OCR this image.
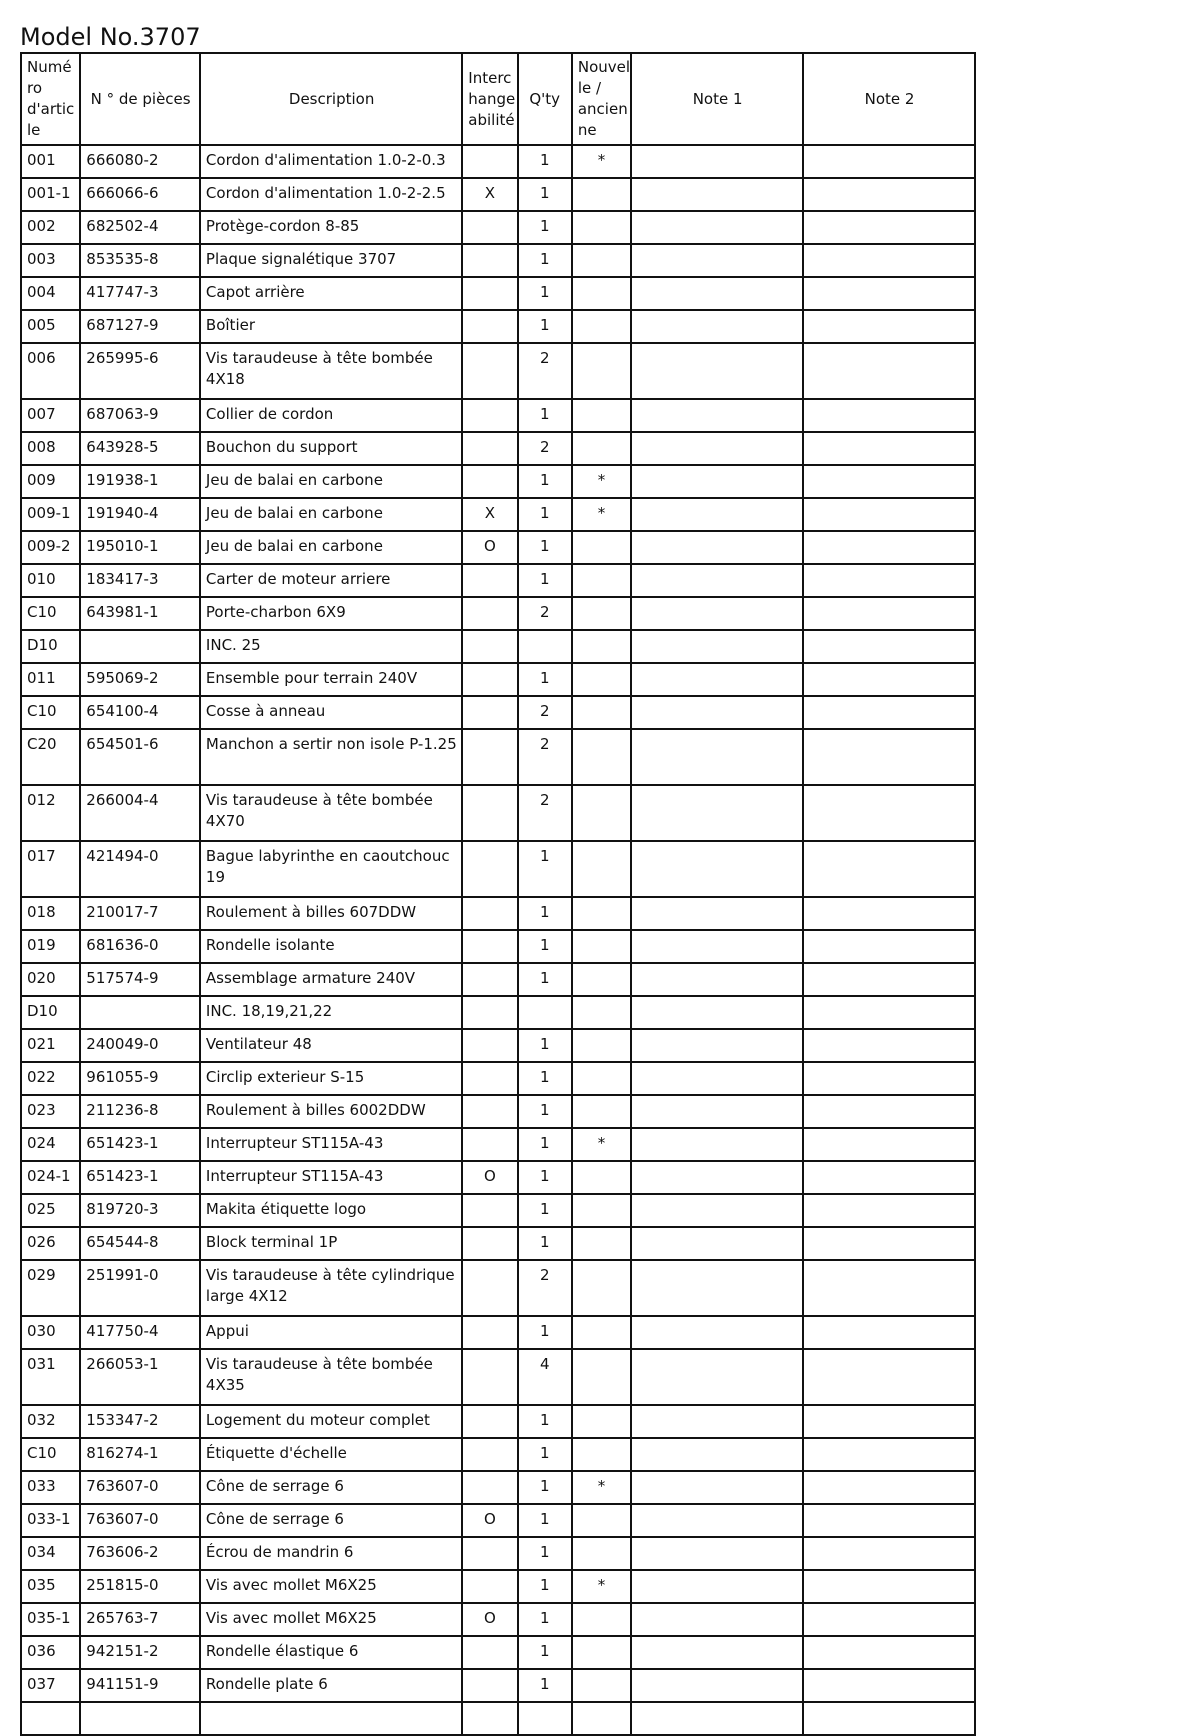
Model No.3707
Numéro d'article	N ° de pièces	Description	Interchangeabilité	Q'ty	Nouvelle / ancienne	Note 1	Note 2
001	666080-2	Cordon d'alimentation 1.0-2-0.3		1	*		
001-1	666066-6	Cordon d'alimentation 1.0-2-2.5	X	1			
002	682502-4	Protège-cordon 8-85		1			
003	853535-8	Plaque signalétique 3707		1			
004	417747-3	Capot arrière		1			
005	687127-9	Boîtier		1			
006	265995-6	Vis taraudeuse à tête bombée 4X18		2			
007	687063-9	Collier de cordon		1			
008	643928-5	Bouchon du support		2			
009	191938-1	Jeu de balai en carbone		1	*		
009-1	191940-4	Jeu de balai en carbone	X	1	*		
009-2	195010-1	Jeu de balai en carbone	O	1			
010	183417-3	Carter de moteur arriere		1			
C10	643981-1	Porte-charbon 6X9		2			
D10		INC. 25					
011	595069-2	Ensemble pour terrain 240V		1			
C10	654100-4	Cosse à anneau		2			
C20	654501-6	Manchon a sertir non isole P-1.25		2			
012	266004-4	Vis taraudeuse à tête bombée 4X70		2			
017	421494-0	Bague labyrinthe en caoutchouc 19		1			
018	210017-7	Roulement à billes 607DDW		1			
019	681636-0	Rondelle isolante		1			
020	517574-9	Assemblage armature 240V		1			
D10		INC. 18,19,21,22					
021	240049-0	Ventilateur 48		1			
022	961055-9	Circlip exterieur S-15		1			
023	211236-8	Roulement à billes 6002DDW		1			
024	651423-1	Interrupteur ST115A-43		1	*		
024-1	651423-1	Interrupteur ST115A-43	O	1			
025	819720-3	Makita étiquette logo		1			
026	654544-8	Block terminal 1P		1			
029	251991-0	Vis taraudeuse à tête cylindrique large 4X12		2			
030	417750-4	Appui		1			
031	266053-1	Vis taraudeuse à tête bombée 4X35		4			
032	153347-2	Logement du moteur complet		1			
C10	816274-1	Étiquette d'échelle		1			
033	763607-0	Cône de serrage 6		1	*		
033-1	763607-0	Cône de serrage 6	O	1			
034	763606-2	Écrou de mandrin 6		1			
035	251815-0	Vis avec mollet M6X25		1	*		
035-1	265763-7	Vis avec mollet M6X25	O	1			
036	942151-2	Rondelle élastique 6		1			
037	941151-9	Rondelle plate 6		1			
